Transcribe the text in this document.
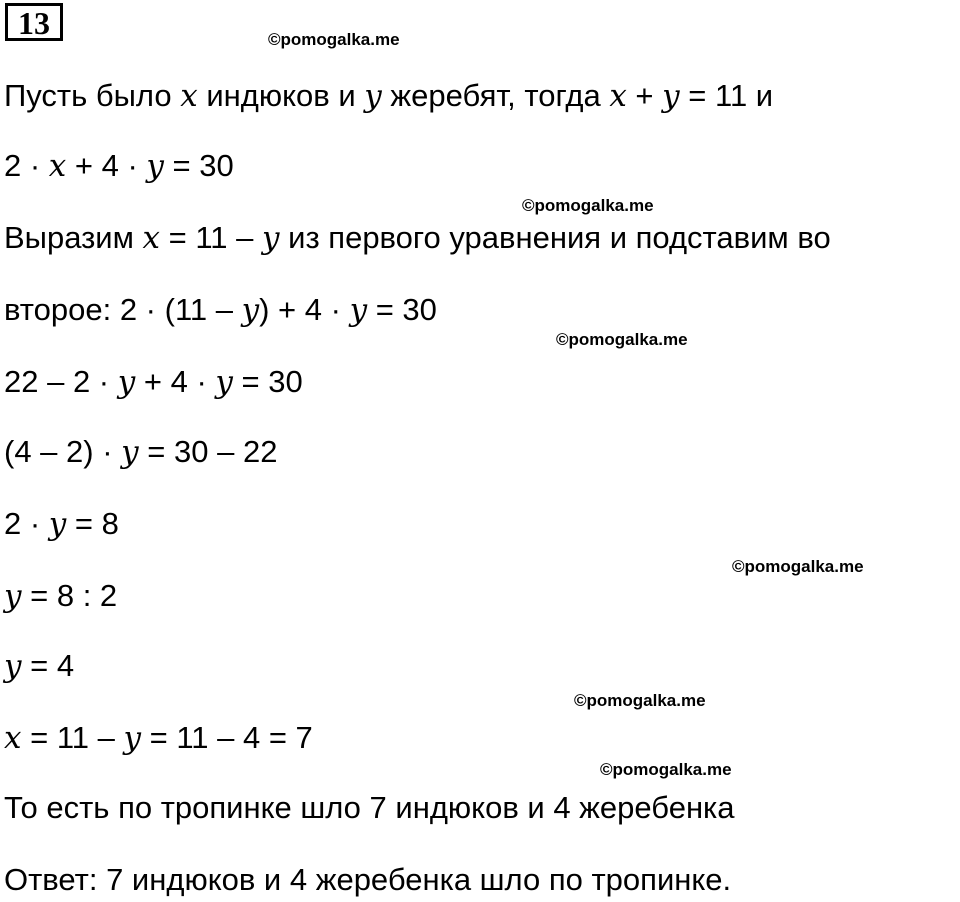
13	©pomogalka.me
©pomogalka.me
©pomogalka.me
©pomogalka.me
©pomogalka.me
©pomogalka.me
Пусть было x индюков и y жеребят, тогда x + y = 11 и
2 · x + 4 · y = 30
Выразим x = 11 – y из первого уравнения и подставим во
второе: 2 · (11 – y) + 4 · y = 30
22 – 2 · y + 4 · y = 30
(4 – 2) · y = 30 – 22
2 · y = 8
y = 8 : 2
y = 4
x = 11 – y = 11 – 4 = 7
То есть по тропинке шло 7 индюков и 4 жеребенка
Ответ: 7 индюков и 4 жеребенка шло по тропинке.
